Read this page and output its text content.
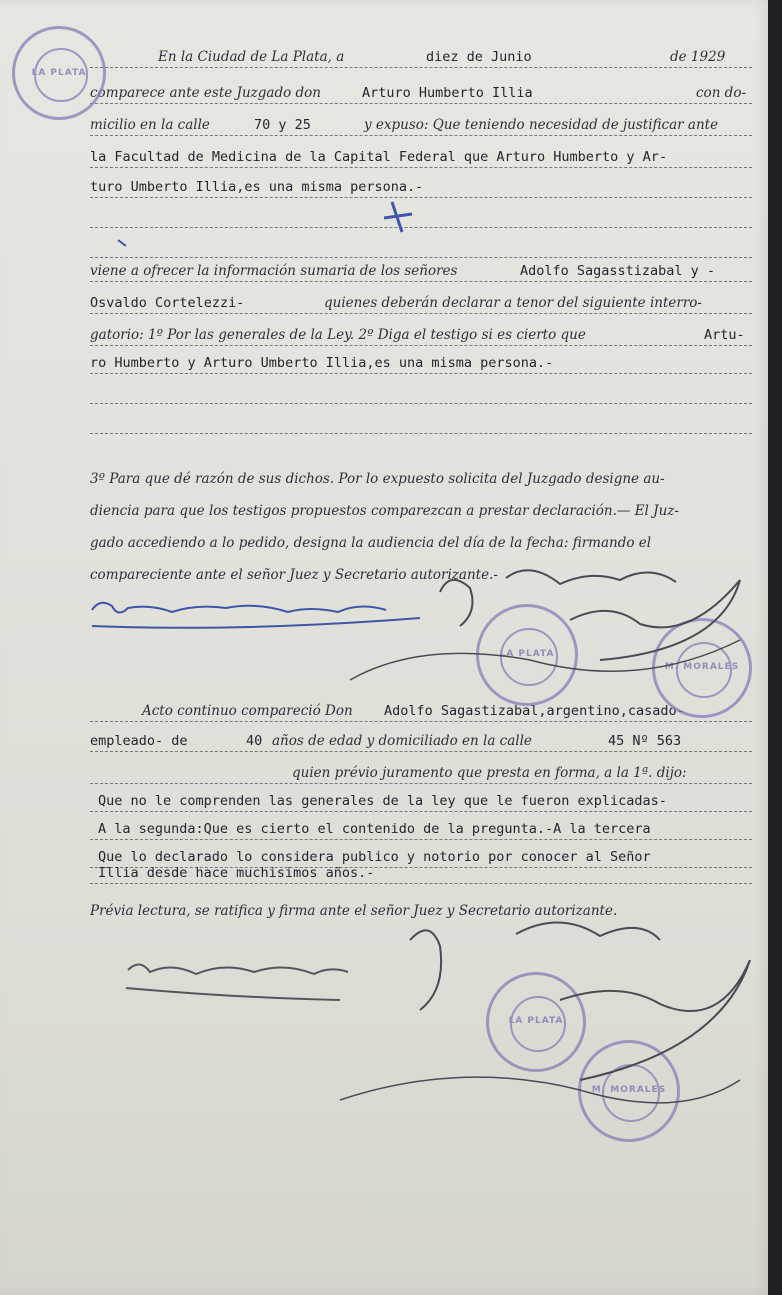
En la Ciudad de La Plata, a	diez de Junio	de 1929
comparece ante este Juzgado don	Arturo Humberto Illia	con do-
micilio en la calle	70 y 25	y expuso: Que teniendo necesidad de justificar ante
la Facultad de Medicina de la Capital Federal que Arturo Humberto y Ar-
turo Umberto Illia,es una misma persona.-
viene a ofrecer la información sumaria de los señores	Adolfo Sagasstizabal y -
Osvaldo Cortelezzi-	quienes deberán declarar a tenor del siguiente interro-
gatorio: 1º Por las generales de la Ley. 2º Diga el testigo si es cierto que	Artu-
ro Humberto y Arturo Umberto Illia,es una misma persona.-
3º Para que dé razón de sus dichos. Por lo expuesto solicita del Juzgado designe au-
diencia para que los testigos propuestos comparezcan a prestar declaración.— El Juz-
gado accediendo a lo pedido, designa la audiencia del día de la fecha: firmando el
compareciente ante el señor Juez y Secretario autorizante.-
Acto continuo compareció Don Adolfo Sagastizabal,argentino,casado-
empleado- de	40 años de edad y domiciliado en la calle	45 Nº 563
quien prévio juramento que presta en forma, a la 1ª. dijo:
Que no le comprenden las generales de la ley que le fueron explicadas-
A la segunda:Que es cierto el contenido de la pregunta.-A la tercera
Que lo declarado lo considera publico y notorio por conocer al Señor
Illia desde hace muchisimos años.-
Prévia lectura, se ratifica y firma ante el señor Juez y Secretario autorizante.
LA PLATA
LA PLATA
M. MORALES
LA PLATA
M. MORALES
